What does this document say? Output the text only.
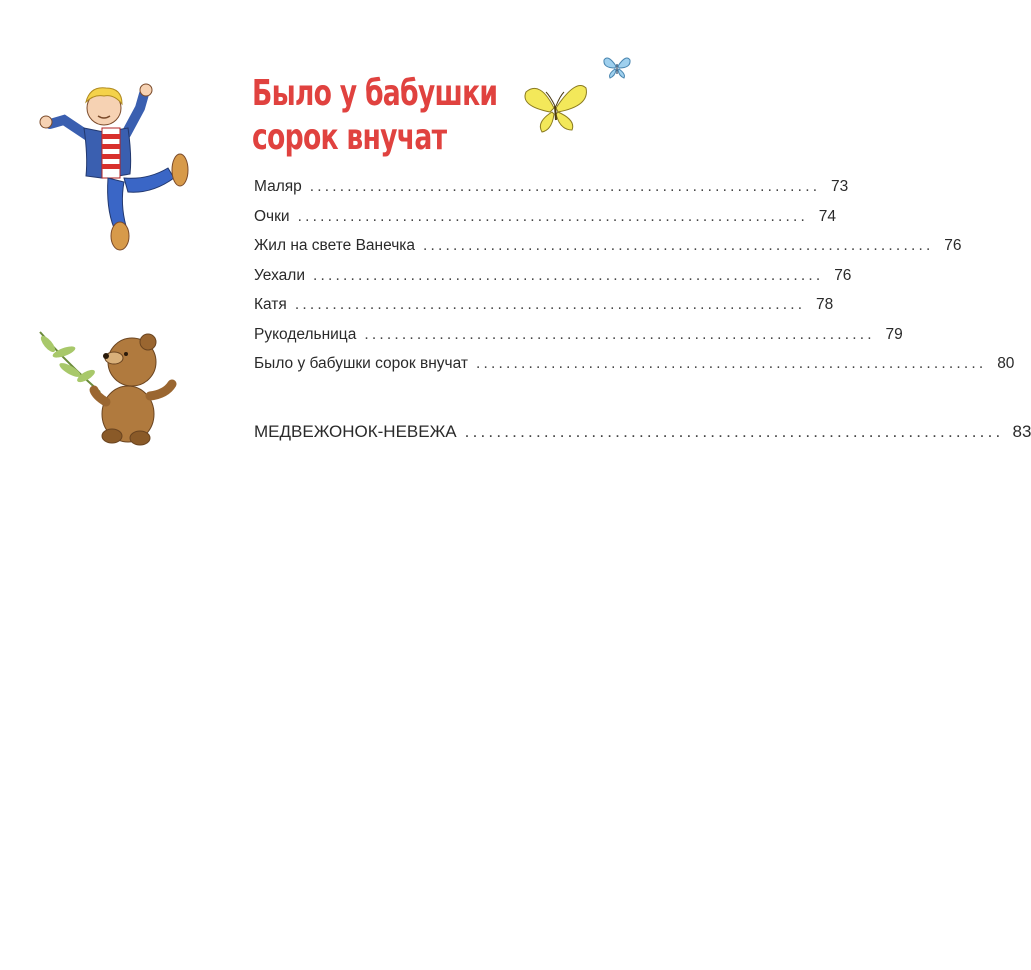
Было у бабушки
сорок внучат
Маляр .................................................................... 73
Очки .................................................................... 74
Жил на свете Ванечка .................................................................... 76
Уехали .................................................................... 76
Катя .................................................................... 78
Рукодельница .................................................................... 79
Было у бабушки сорок внучат .................................................................... 80
МЕДВЕЖОНОК-НЕВЕЖА .................................................................... 83
